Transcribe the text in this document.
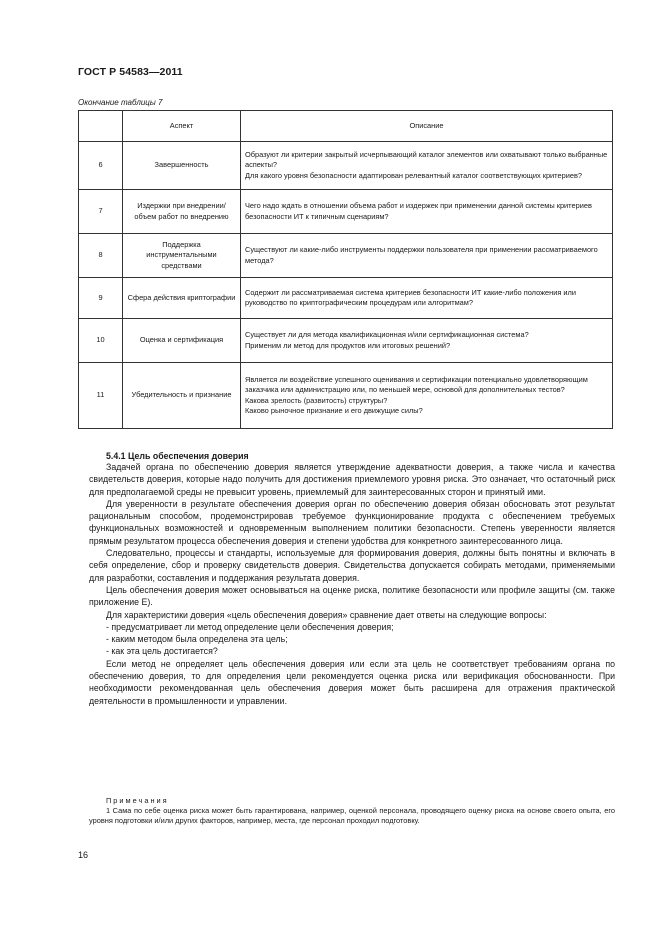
ГОСТ Р 54583—2011
Окончание таблицы 7
	Аспект	Описание
6	Завершенность	Образуют ли критерии закрытый исчерпывающий каталог элементов или охватывают только выбранные аспекты?
Для какого уровня безопасности адаптирован релевантный каталог соответствующих критериев?
7	Издержки при внедрении/объем работ по внедрению	Чего надо ждать в отношении объема работ и издержек при применении данной системы критериев безопасности ИТ к типичным сценариям?
8	Поддержка инструментальными средствами	Существуют ли какие-либо инструменты поддержки пользователя при применении рассматриваемого метода?
9	Сфера действия криптографии	Содержит ли рассматриваемая система критериев безопасности ИТ какие-либо положения или руководство по криптографическим процедурам или алгоритмам?
10	Оценка и сертификация	Существует ли для метода квалификационная и/или сертификационная система?
Применим ли метод для продуктов или итоговых решений?
11	Убедительность и признание	Является ли воздействие успешного оценивания и сертификации потенциально удовлетворяющим заказчика или администрацию или, по меньшей мере, основой для дополнительных тестов?
Какова зрелость (развитость) структуры?
Каково рыночное признание и его движущие силы?
5.4.1 Цель обеспечения доверия

Задачей органа по обеспечению доверия является утверждение адекватности доверия, а также числа и качества свидетельств доверия, которые надо получить для достижения приемлемого уровня риска. Это означает, что остаточный риск для предполагаемой среды не превысит уровень, приемлемый для заинтересованных сторон и принятый ими.

Для уверенности в результате обеспечения доверия орган по обеспечению доверия обязан обосновать этот результат рациональным способом, продемонстрировав требуемое функционирование продукта с обеспечением требуемых функциональных возможностей и одновременным выполнением политики безопасности. Степень уверенности является прямым результатом процесса обеспечения доверия и степени удобства для конкретного заинтересованного лица.

Следовательно, процессы и стандарты, используемые для формирования доверия, должны быть понятны и включать в себя определение, сбор и проверку свидетельств доверия. Свидетельства допускается собирать методами, применяемыми для разработки, составления и поддержания результата доверия.

Цель обеспечения доверия может основываться на оценке риска, политике безопасности или профиле защиты (см. также приложение Е).

Для характеристики доверия «цель обеспечения доверия» сравнение дает ответы на следующие вопросы:

- предусматривает ли метод определение цели обеспечения доверия;

- каким методом была определена эта цель;

- как эта цель достигается?

Если метод не определяет цель обеспечения доверия или если эта цель не соответствует требованиям органа по обеспечению доверия, то для определения цели рекомендуется оценка риска или верификация обоснованности. При необходимости рекомендованная цель обеспечения доверия может быть расширена для отражения практической деятельности в промышленности и управлении.

Примечания

1 Сама по себе оценка риска может быть гарантирована, например, оценкой персонала, проводящего оценку риска на основе своего опыта, его уровня подготовки и/или других факторов, например, места, где персонал проходил подготовку.

16
